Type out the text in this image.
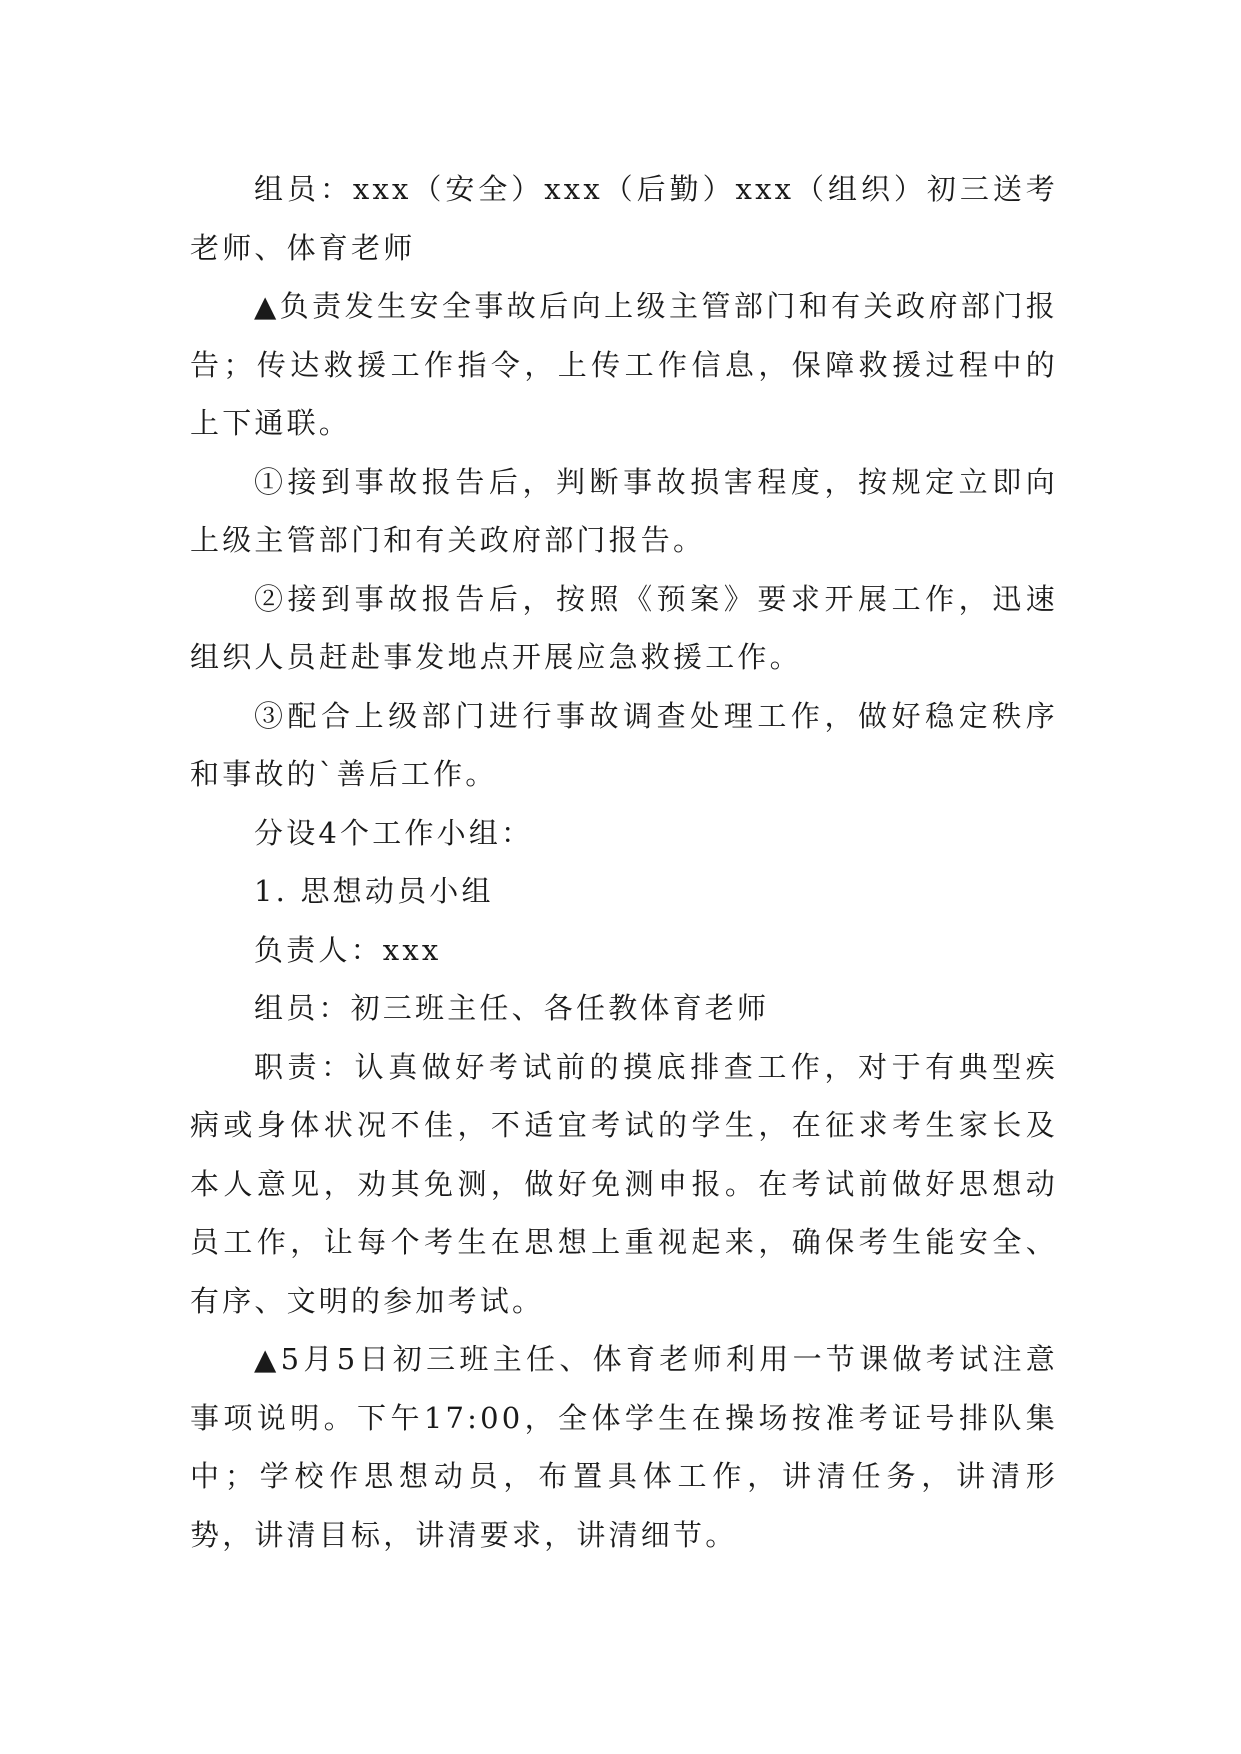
组员：xxx（安全）xxx（后勤）xxx（组织）初三送考老师、体育老师

▲负责发生安全事故后向上级主管部门和有关政府部门报告；传达救援工作指令，上传工作信息，保障救援过程中的上下通联。

①接到事故报告后，判断事故损害程度，按规定立即向上级主管部门和有关政府部门报告。

②接到事故报告后，按照《预案》要求开展工作，迅速组织人员赶赴事发地点开展应急救援工作。

③配合上级部门进行事故调查处理工作，做好稳定秩序和事故的`善后工作。

分设4个工作小组：

1. 思想动员小组

负责人：xxx

组员：初三班主任、各任教体育老师

职责：认真做好考试前的摸底排查工作，对于有典型疾病或身体状况不佳，不适宜考试的学生，在征求考生家长及本人意见，劝其免测，做好免测申报。在考试前做好思想动员工作，让每个考生在思想上重视起来，确保考生能安全、有序、文明的参加考试。

▲5月5日初三班主任、体育老师利用一节课做考试注意事项说明。下午17:00，全体学生在操场按准考证号排队集中；学校作思想动员，布置具体工作，讲清任务，讲清形势，讲清目标，讲清要求，讲清细节。
